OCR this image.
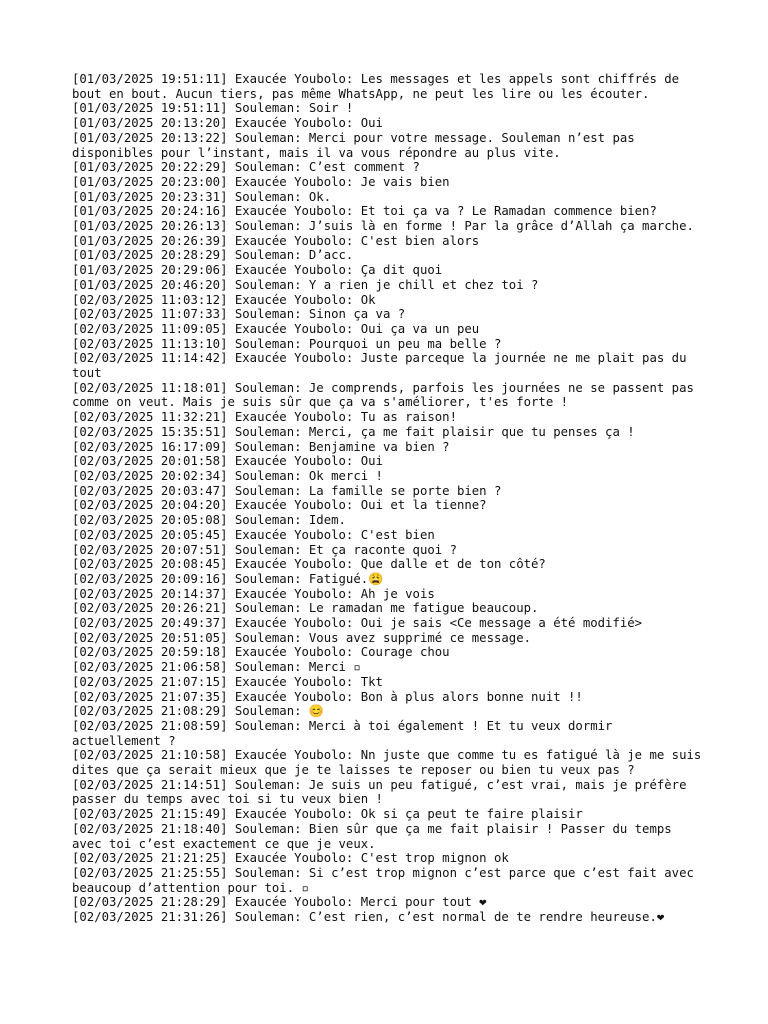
[01/03/2025 19:51:11] Exaucée Youbolo: Les messages et les appels sont chiffrés de bout en bout. Aucun tiers, pas même WhatsApp, ne peut les lire ou les écouter.
[01/03/2025 19:51:11] Souleman: Soir !
[01/03/2025 20:13:20] Exaucée Youbolo: Oui
[01/03/2025 20:13:22] Souleman: Merci pour votre message. Souleman n’est pas disponibles pour l’instant, mais il va vous répondre au plus vite.
[01/03/2025 20:22:29] Souleman: C’est comment ?
[01/03/2025 20:23:00] Exaucée Youbolo: Je vais bien
[01/03/2025 20:23:31] Souleman: Ok.
[01/03/2025 20:24:16] Exaucée Youbolo: Et toi ça va ? Le Ramadan commence bien?
[01/03/2025 20:26:13] Souleman: J’suis là en forme ! Par la grâce d’Allah ça marche.
[01/03/2025 20:26:39] Exaucée Youbolo: C'est bien alors
[01/03/2025 20:28:29] Souleman: D’acc.
[01/03/2025 20:29:06] Exaucée Youbolo: Ça dit quoi
[01/03/2025 20:46:20] Souleman: Y a rien je chill et chez toi ?
[02/03/2025 11:03:12] Exaucée Youbolo: Ok
[02/03/2025 11:07:33] Souleman: Sinon ça va ?
[02/03/2025 11:09:05] Exaucée Youbolo: Oui ça va un peu
[02/03/2025 11:13:10] Souleman: Pourquoi un peu ma belle ?
[02/03/2025 11:14:42] Exaucée Youbolo: Juste parceque la journée ne me plait pas du tout
[02/03/2025 11:18:01] Souleman: Je comprends, parfois les journées ne se passent pas comme on veut. Mais je suis sûr que ça va s'améliorer, t'es forte !
[02/03/2025 11:32:21] Exaucée Youbolo: Tu as raison!
[02/03/2025 15:35:51] Souleman: Merci, ça me fait plaisir que tu penses ça !
[02/03/2025 16:17:09] Souleman: Benjamine va bien ?
[02/03/2025 20:01:58] Exaucée Youbolo: Oui
[02/03/2025 20:02:34] Souleman: Ok merci !
[02/03/2025 20:03:47] Souleman: La famille se porte bien ?
[02/03/2025 20:04:20] Exaucée Youbolo: Oui et la tienne?
[02/03/2025 20:05:08] Souleman: Idem.
[02/03/2025 20:05:45] Exaucée Youbolo: C'est bien
[02/03/2025 20:07:51] Souleman: Et ça raconte quoi ?
[02/03/2025 20:08:45] Exaucée Youbolo: Que dalle et de ton côté?
[02/03/2025 20:09:16] Souleman: Fatigué.😩
[02/03/2025 20:14:37] Exaucée Youbolo: Ah je vois
[02/03/2025 20:26:21] Souleman: Le ramadan me fatigue beaucoup.
[02/03/2025 20:49:37] Exaucée Youbolo: Oui je sais <Ce message a été modifié>
[02/03/2025 20:51:05] Souleman: Vous avez supprimé ce message.
[02/03/2025 20:59:18] Exaucée Youbolo: Courage chou
[02/03/2025 21:06:58] Souleman: Merci ▫
[02/03/2025 21:07:15] Exaucée Youbolo: Tkt
[02/03/2025 21:07:35] Exaucée Youbolo: Bon à plus alors bonne nuit !!
[02/03/2025 21:08:29] Souleman: 😊
[02/03/2025 21:08:59] Souleman: Merci à toi également ! Et tu veux dormir actuellement ?
[02/03/2025 21:10:58] Exaucée Youbolo: Nn juste que comme tu es fatigué là je me suis dites que ça serait mieux que je te laisses te reposer ou bien tu veux pas ?
[02/03/2025 21:14:51] Souleman: Je suis un peu fatigué, c’est vrai, mais je préfère passer du temps avec toi si tu veux bien !
[02/03/2025 21:15:49] Exaucée Youbolo: Ok si ça peut te faire plaisir
[02/03/2025 21:18:40] Souleman: Bien sûr que ça me fait plaisir ! Passer du temps avec toi c’est exactement ce que je veux.
[02/03/2025 21:21:25] Exaucée Youbolo: C'est trop mignon ok
[02/03/2025 21:25:55] Souleman: Si c’est trop mignon c’est parce que c’est fait avec beaucoup d’attention pour toi. ▫
[02/03/2025 21:28:29] Exaucée Youbolo: Merci pour tout ❤
[02/03/2025 21:31:26] Souleman: C’est rien, c’est normal de te rendre heureuse.❤
